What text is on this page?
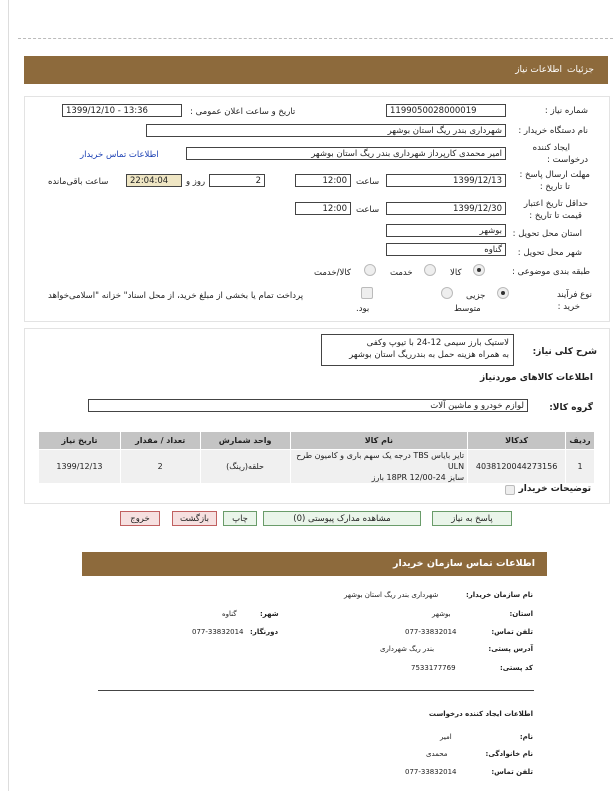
اطلاعات نیاز جزئیات
شماره نیاز :
1199050028000019
تاریخ و ساعت اعلان عمومی :
1399/12/10 - 13:36
نام دستگاه خریدار :
شهرداری بندر ریگ استان بوشهر
ایجاد کننده
درخواست :
امیر محمدی کارپرداز شهرداری بندر ریگ استان بوشهر
اطلاعات تماس خریدار
مهلت ارسال پاسخ :
تا تاریخ :
1399/12/13
ساعت
12:00
2
روز و
22:04:04
ساعت باقی‌مانده
حداقل تاریخ اعتبار
قیمت تا تاریخ :
1399/12/30
ساعت
12:00
استان محل تحویل :
بوشهر
شهر محل تحویل :
گناوه
طبقه بندی موضوعی :
کالا
خدمت
کالا/خدمت
نوع فرآیند
خرید :
جزیی
متوسط
پرداخت تمام یا بخشی از مبلغ خرید، از محل اسناد" خزانه "اسلامی‌خواهد
بود.
شرح کلی نیاز:
لاستیک بارز سیمی 12-24 با تیوپ وکفی
به همراه هزینه حمل به بندرریگ استان بوشهر
اطلاعات کالاهای موردنیاز
گروه کالا:
لوازم خودرو و ماشین آلات
ردیف	کدکالا	نام کالا	واحد شمارش	تعداد / مقدار	تاریخ نیاز
1	4038120044273156	تایر بایاس TBS درجه یک سهم باری و کامیون طرح ULN
سایز 24-12/00 18PR بارز	حلقه(رینگ)	2	1399/12/13
توضیحات خریدار
پاسخ به نیاز
مشاهده مدارک پیوستی (0)
چاپ
بازگشت
خروج
اطلاعات تماس سازمان خریدار
نام سازمان خریدار:
شهرداری بندر ریگ استان بوشهر
استان:
بوشهر
شهر:
گناوه
تلفن تماس:
077-33832014
دورنگار:
077-33832014
آدرس پستی:
بندر ریگ شهرداری
کد پستی:
7533177769
اطلاعات ایجاد کننده درخواست
نام:
امیر
نام خانوادگی:
محمدی
تلفن تماس:
077-33832014
